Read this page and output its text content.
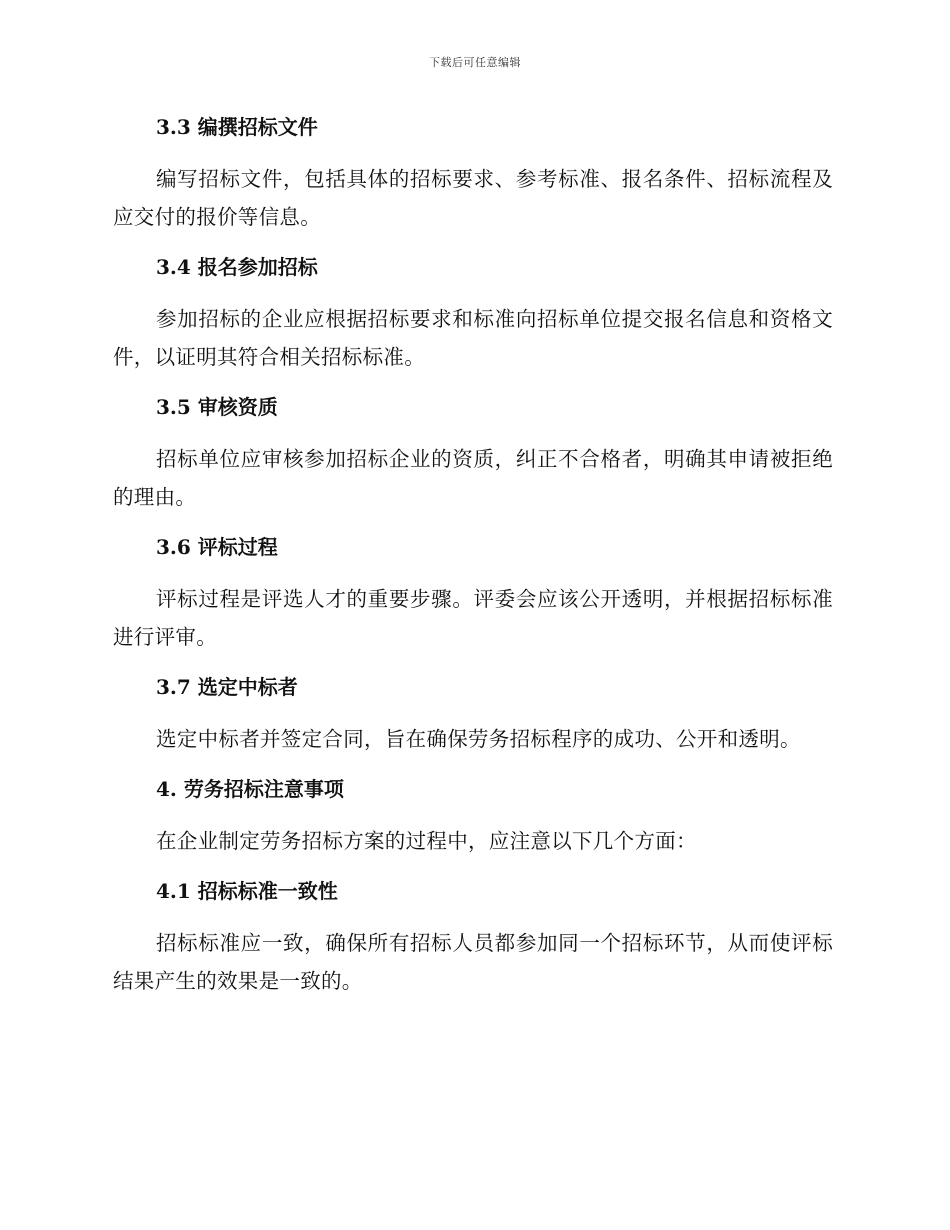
下载后可任意编辑
3.3 编撰招标文件

编写招标文件，包括具体的招标要求、参考标准、报名条件、招标流程及应交付的报价等信息。

3.4 报名参加招标

参加招标的企业应根据招标要求和标准向招标单位提交报名信息和资格文件，以证明其符合相关招标标准。

3.5 审核资质

招标单位应审核参加招标企业的资质，纠正不合格者，明确其申请被拒绝的理由。

3.6 评标过程

评标过程是评选人才的重要步骤。评委会应该公开透明，并根据招标标准进行评审。

3.7 选定中标者

选定中标者并签定合同，旨在确保劳务招标程序的成功、公开和透明。

4. 劳务招标注意事项

在企业制定劳务招标方案的过程中，应注意以下几个方面：

4.1 招标标准一致性

招标标准应一致，确保所有招标人员都参加同一个招标环节，从而使评标结果产生的效果是一致的。
